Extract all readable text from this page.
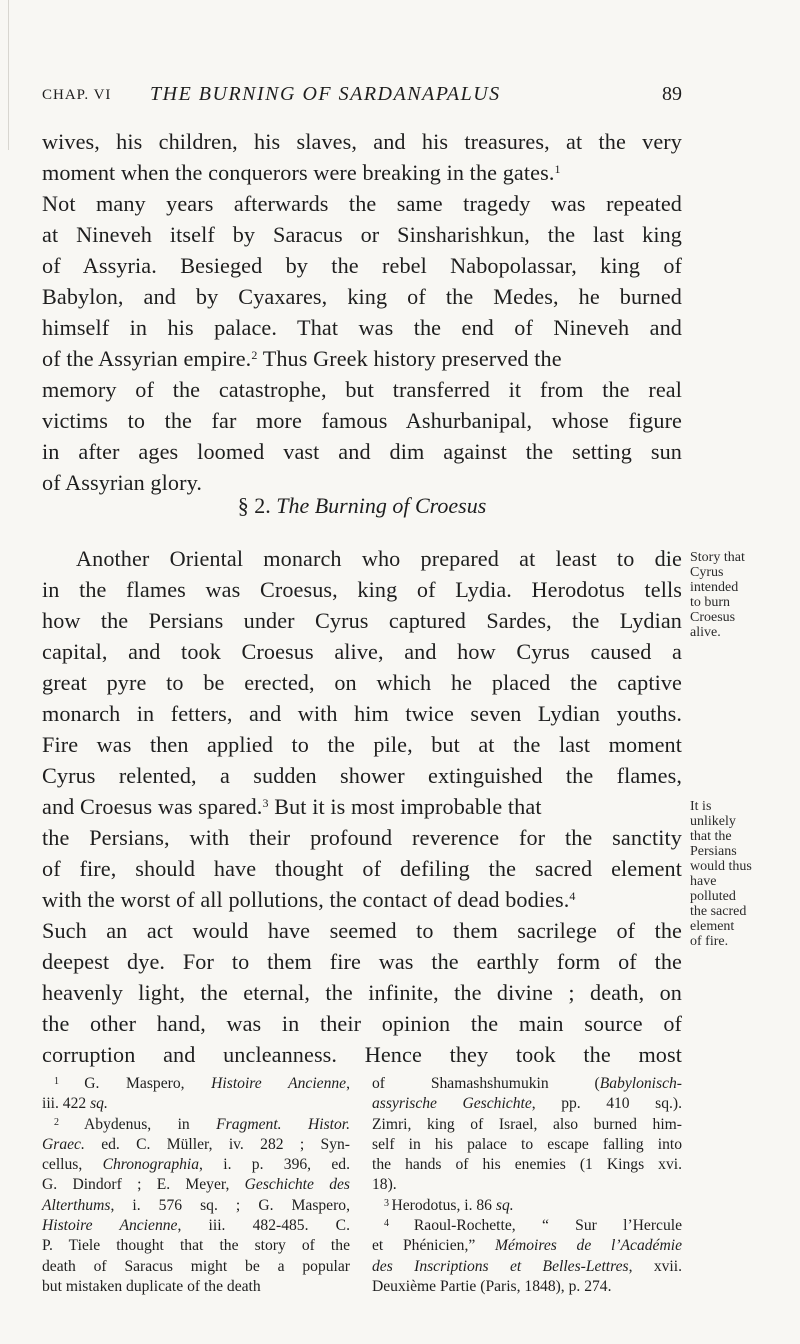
CHAP. VI THE BURNING OF SARDANAPALUS	89
wives, his children, his slaves, and his treasures, at the very
moment when the conquerors were breaking in the gates.$^1$
Not many years afterwards the same tragedy was repeated
at Nineveh itself by Saracus or Sinsharishkun, the last king
of Assyria. Besieged by the rebel Nabopolassar, king of
Babylon, and by Cyaxares, king of the Medes, he burned
himself in his palace. That was the end of Nineveh and
of the Assyrian empire.$^2$ Thus Greek history preserved the
memory of the catastrophe, but transferred it from the real
victims to the far more famous Ashurbanipal, whose figure
in after ages loomed vast and dim against the setting sun
of Assyrian glory.
§ 2. The Burning of Croesus
Another Oriental monarch who prepared at least to die
in the flames was Croesus, king of Lydia. Herodotus tells
how the Persians under Cyrus captured Sardes, the Lydian
capital, and took Croesus alive, and how Cyrus caused a
great pyre to be erected, on which he placed the captive
monarch in fetters, and with him twice seven Lydian youths.
Fire was then applied to the pile, but at the last moment
Cyrus relented, a sudden shower extinguished the flames,
and Croesus was spared.$^3$ But it is most improbable that
the Persians, with their profound reverence for the sanctity
of fire, should have thought of defiling the sacred element
with the worst of all pollutions, the contact of dead bodies.$^4$
Such an act would have seemed to them sacrilege of the
deepest dye. For to them fire was the earthly form of the
heavenly light, the eternal, the infinite, the divine ; death, on
the other hand, was in their opinion the main source of
corruption and uncleanness. Hence they took the most
Story that
Cyrus
intended
to burn
Croesus
alive.
It is
unlikely
that the
Persians
would thus
have
polluted
the sacred
element
of fire.
$^1$ G. Maspero, Histoire Ancienne,
iii. 422 sq.
$^2$ Abydenus, in Fragment. Histor.
Graec. ed. C. Müller, iv. 282 ; Syn-
cellus, Chronographia, i. p. 396, ed.
G. Dindorf ; E. Meyer, Geschichte des
Alterthums, i. 576 sq. ; G. Maspero,
Histoire Ancienne, iii. 482-485. C.
P. Tiele thought that the story of the
death of Saracus might be a popular
but mistaken duplicate of the death
of Shamashshumukin (Babylonisch-
assyrische Geschichte, pp. 410 sq.).
Zimri, king of Israel, also burned him-
self in his palace to escape falling into
the hands of his enemies (1 Kings xvi.
18).
$^3$ Herodotus, i. 86 sq.
$^4$ Raoul-Rochette, “ Sur l’Hercule
et Phénicien,” Mémoires de l’Académie
des Inscriptions et Belles-Lettres, xvii.
Deuxième Partie (Paris, 1848), p. 274.
